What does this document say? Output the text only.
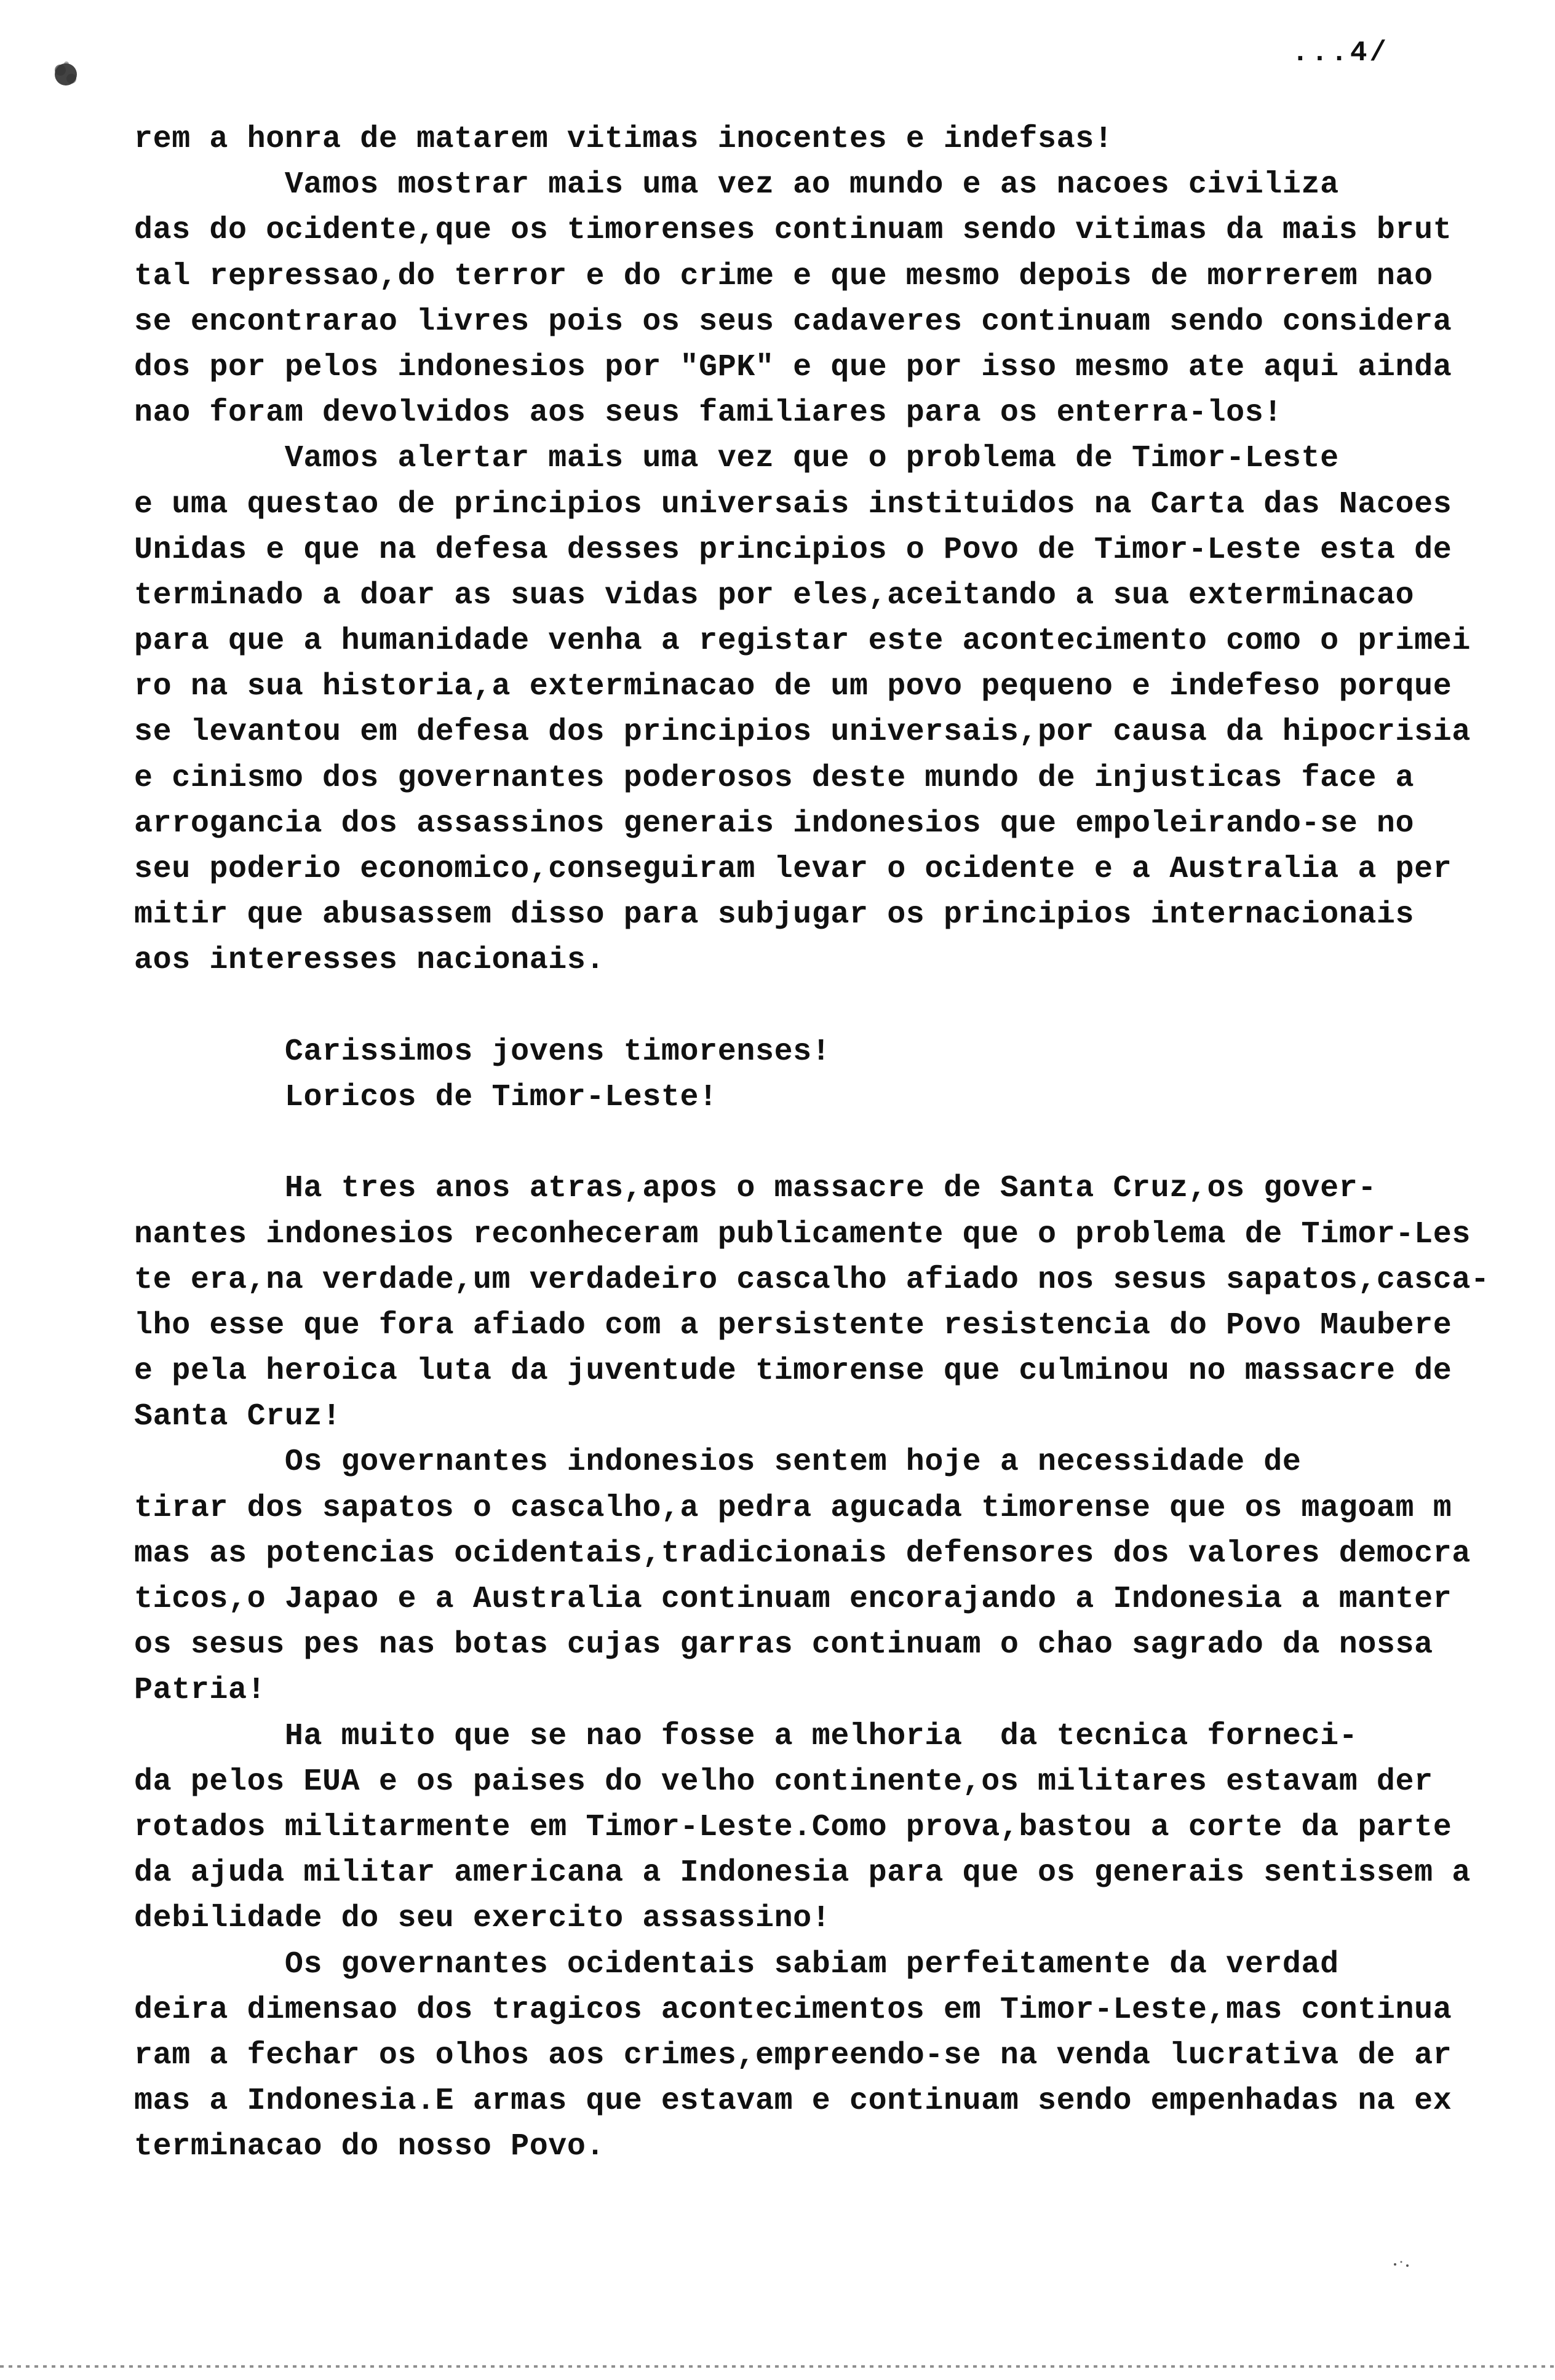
...4/
rem a honra de matarem vitimas inocentes e indefsas!
Vamos mostrar mais uma vez ao mundo e as nacoes civiliza
das do ocidente,que os timorenses continuam sendo vitimas da mais brut
tal repressao,do terror e do crime e que mesmo depois de morrerem nao
se encontrarao livres pois os seus cadaveres continuam sendo considera
dos por pelos indonesios por "GPK" e que por isso mesmo ate aqui ainda
nao foram devolvidos aos seus familiares para os enterra-los!
Vamos alertar mais uma vez que o problema de Timor-Leste
e uma questao de principios universais instituidos na Carta das Nacoes
Unidas e que na defesa desses principios o Povo de Timor-Leste esta de
terminado a doar as suas vidas por eles,aceitando a sua exterminacao
para que a humanidade venha a registar este acontecimento como o primei
ro na sua historia,a exterminacao de um povo pequeno e indefeso porque
se levantou em defesa dos principios universais,por causa da hipocrisia
e cinismo dos governantes poderosos deste mundo de injusticas face a
arrogancia dos assassinos generais indonesios que empoleirando-se no
seu poderio economico,conseguiram levar o ocidente e a Australia a per
mitir que abusassem disso para subjugar os principios internacionais
aos interesses nacionais.
Carissimos jovens timorenses!
Loricos de Timor-Leste!
Ha tres anos atras,apos o massacre de Santa Cruz,os gover-
nantes indonesios reconheceram publicamente que o problema de Timor-Les
te era,na verdade,um verdadeiro cascalho afiado nos sesus sapatos,casca-
lho esse que fora afiado com a persistente resistencia do Povo Maubere
e pela heroica luta da juventude timorense que culminou no massacre de
Santa Cruz!
Os governantes indonesios sentem hoje a necessidade de
tirar dos sapatos o cascalho,a pedra agucada timorense que os magoam m
mas as potencias ocidentais,tradicionais defensores dos valores democra
ticos,o Japao e a Australia continuam encorajando a Indonesia a manter
os sesus pes nas botas cujas garras continuam o chao sagrado da nossa
Patria!
Ha muito que se nao fosse a melhoria  da tecnica forneci-
da pelos EUA e os paises do velho continente,os militares estavam der
rotados militarmente em Timor-Leste.Como prova,bastou a corte da parte
da ajuda militar americana a Indonesia para que os generais sentissem a
debilidade do seu exercito assassino!
Os governantes ocidentais sabiam perfeitamente da verdad
deira dimensao dos tragicos acontecimentos em Timor-Leste,mas continua
ram a fechar os olhos aos crimes,empreendo-se na venda lucrativa de ar
mas a Indonesia.E armas que estavam e continuam sendo empenhadas na ex
terminacao do nosso Povo.
